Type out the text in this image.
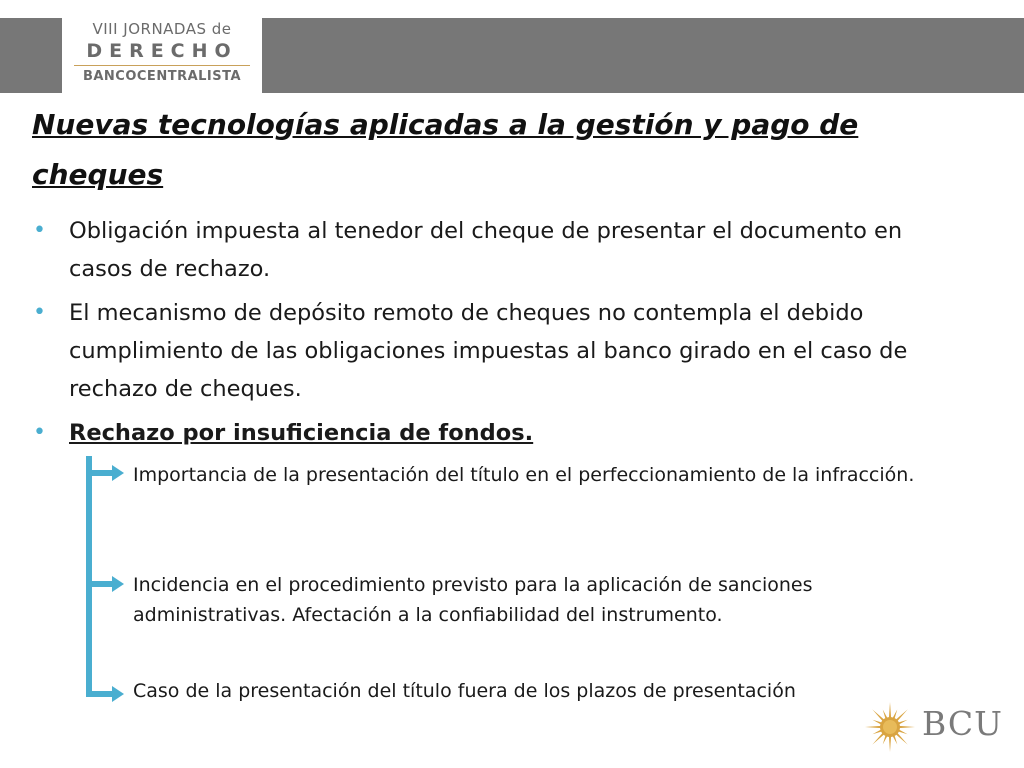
VIII JORNADAS de
DERECHO
BANCOCENTRALISTA
Nuevas tecnologías aplicadas a la gestión y pago de cheques
• Obligación impuesta al tenedor del cheque de presentar el documento en casos de rechazo.
• El mecanismo de depósito remoto de cheques no contempla el debido cumplimiento de las obligaciones impuestas al banco girado en el caso de rechazo de cheques.
• Rechazo por insuficiencia de fondos.
Importancia de la presentación del título en el perfeccionamiento de la infracción.
Incidencia en el procedimiento previsto para la aplicación de sanciones administrativas. Afectación a la confiabilidad del instrumento.
Caso de la presentación del título fuera de los plazos de presentación
BCU
